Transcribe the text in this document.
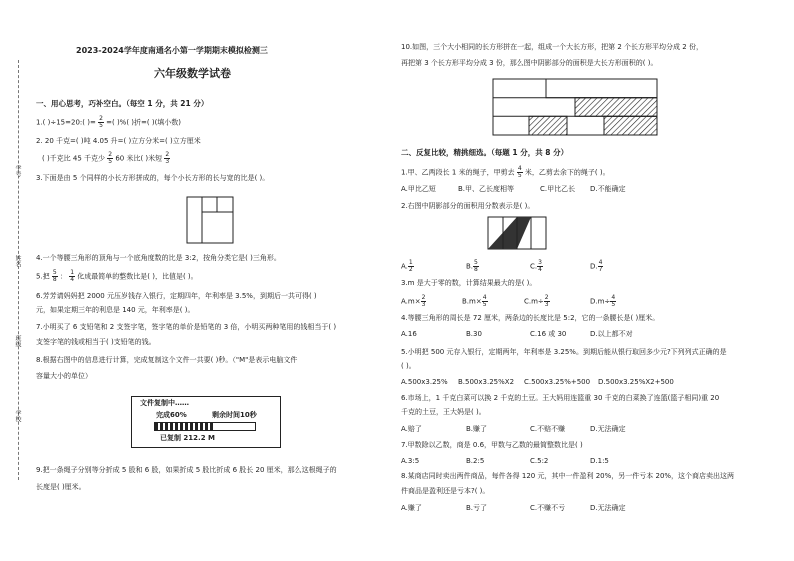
学号
姓名
班级
学校
2023-2024学年度南通名小第一学期期末模拟检测三
六年级数学试卷
一、用心思考，巧补空白。（每空 1 分，共 21 分）
1.( )÷15=20:( )= $\frac{2}{5}$ =( )%( )折=( )(填小数)
2. 20 千克=( )吨 4.05 升=( )立方分米=( )立方厘米
( )千克比 45 千克少 $\frac{2}{5} 60$ 米比( )米短 $\frac{2}{3}$
3.下面是由 5 个同样的小长方形拼成的，每个小长方形的长与宽的比是( )。
4.一个等腰三角形的顶角与一个底角度数的比是 3:2，按角分类它是( )三角形。
5.把 $\frac{5}{8}$ ： $\frac{1}{4}$ 化成最简单的整数比是( )，比值是( )。
6.芳芳请妈妈把 2000 元压岁钱存入银行，定期四年，年利率是 3.5%，到期后一共可得( )
元，如果定期三年的利息是 140 元，年利率是( )。
7.小明买了 6 支铅笔和 2 支签字笔，签字笔的单价是铅笔的 3 倍，小明买两种笔用的钱相当于( )
支签字笔的钱或相当于( )支铅笔的钱。
8.根据右图中的信息进行计算，完成复制这个文件一共要( )秒。（"M"是表示电脑文件
容量大小的单位）
文件复制中……
完成60%	剩余时间10秒
已复制 212.2 M
9.把一条绳子分别等分折成 5 股和 6 股，如果折成 5 股比折成 6 股长 20 厘米，那么这根绳子的
长度是( )厘米。
10.如图，三个大小相同的长方形拼在一起，组成一个大长方形，把第 2 个长方形平均分成 2 份，
再把第 3 个长方形平均分成 3 份，那么图中阴影部分的面积是大长方形面积的( )。
二、反复比较，精挑细选。（每题 1 分，共 8 分）
1.甲、乙两段长 1 米的绳子，甲剪去 $\frac{4}{5}$ 米，乙剪去余下的绳子( )。
A.甲比乙短	B.甲、乙长度相等	C.甲比乙长 D.不能确定
2.右图中阴影部分的面积用分数表示是( )。
A. $\frac{1}{2}$	B. $\frac{5}{8}$	C. $\frac{3}{4}$	D. $\frac{4}{7}$
3.m 是大于零的数，计算结果最大的是( )。
$A.m\times \frac{2}{3}$	$B.m\times \frac{4}{5}$	$C.m\div \frac{2}{3}$	$D.m\div \frac{4}{5}$
4.等腰三角形的周长是 72 厘米，两条边的长度比是 5:2，它的一条腰长是( )厘米。
A.16	B.30	C.16 或 30	D.以上都不对
5.小明把 500 元存入银行，定期两年，年利率是 3.25%。到期后能从银行取回多少元?下列列式正确的是
( )。
A.500x3.25% B.500x3.25%X2 C.500x3.25%+500 D.500x3.25%X2+500
6.市场上，1 千克白菜可以换 2 千克的土豆。王大妈用连篮重 30 千克的白菜换了连篮(篮子相同)重 20
千克的土豆，王大妈是( )。
A.赔了	B.赚了	C.不赔不赚	D.无法确定
7.甲数除以乙数，商是 0.6，甲数与乙数的最简整数比是( )
A.3:5	B.2:5	C.5:2	D.1:5
8.某商店同时卖出两件商品，每件各得 120 元，其中一件盈利 20%，另一件亏本 20%，这个商店卖出这两
件商品是盈利还是亏本?( )。
A.赚了	B.亏了	C.不赚不亏	D.无法确定
